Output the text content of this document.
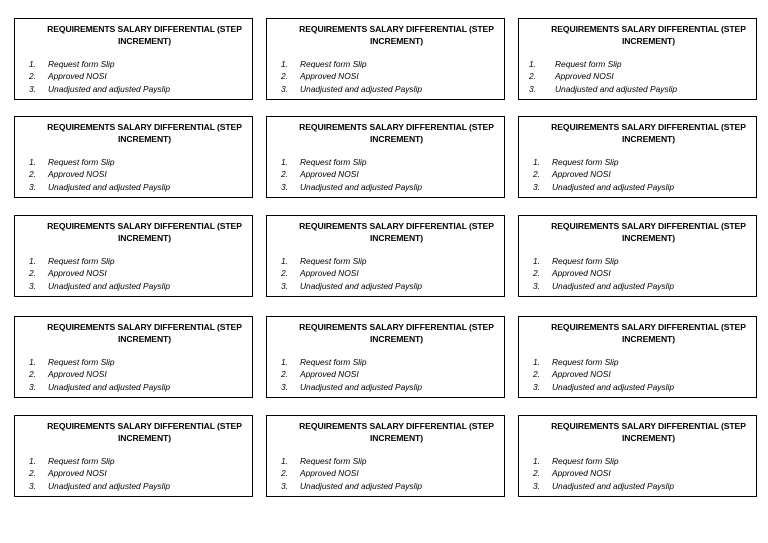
REQUIREMENTS SALARY DIFFERENTIAL (STEP INCREMENT)
1.	Request form Slip
2.	Approved NOSI
3.	Unadjusted and adjusted Payslip
REQUIREMENTS SALARY DIFFERENTIAL (STEP INCREMENT)
1.	Request form Slip
2.	Approved NOSI
3.	Unadjusted and adjusted Payslip
REQUIREMENTS SALARY DIFFERENTIAL (STEP INCREMENT)
1.	Request form Slip
2.	Approved NOSI
3.	Unadjusted and adjusted Payslip
REQUIREMENTS SALARY DIFFERENTIAL (STEP INCREMENT)
1.	Request form Slip
2.	Approved NOSI
3.	Unadjusted and adjusted Payslip
REQUIREMENTS SALARY DIFFERENTIAL (STEP INCREMENT)
1.	Request form Slip
2.	Approved NOSI
3.	Unadjusted and adjusted Payslip
REQUIREMENTS SALARY DIFFERENTIAL (STEP INCREMENT)
1.	Request form Slip
2.	Approved NOSI
3.	Unadjusted and adjusted Payslip
REQUIREMENTS SALARY DIFFERENTIAL (STEP INCREMENT)
1.	Request form Slip
2.	Approved NOSI
3.	Unadjusted and adjusted Payslip
REQUIREMENTS SALARY DIFFERENTIAL (STEP INCREMENT)
1.	Request form Slip
2.	Approved NOSI
3.	Unadjusted and adjusted Payslip
REQUIREMENTS SALARY DIFFERENTIAL (STEP INCREMENT)
1.	Request form Slip
2.	Approved NOSI
3.	Unadjusted and adjusted Payslip
REQUIREMENTS SALARY DIFFERENTIAL (STEP INCREMENT)
1.	Request form Slip
2.	Approved NOSI
3.	Unadjusted and adjusted Payslip
REQUIREMENTS SALARY DIFFERENTIAL (STEP INCREMENT)
1.	Request form Slip
2.	Approved NOSI
3.	Unadjusted and adjusted Payslip
REQUIREMENTS SALARY DIFFERENTIAL (STEP INCREMENT)
1.	Request form Slip
2.	Approved NOSI
3.	Unadjusted and adjusted Payslip
REQUIREMENTS SALARY DIFFERENTIAL (STEP INCREMENT)
1.	Request form Slip
2.	Approved NOSI
3.	Unadjusted and adjusted Payslip
REQUIREMENTS SALARY DIFFERENTIAL (STEP INCREMENT)
1.	Request form Slip
2.	Approved NOSI
3.	Unadjusted and adjusted Payslip
REQUIREMENTS SALARY DIFFERENTIAL (STEP INCREMENT)
1.	Request form Slip
2.	Approved NOSI
3.	Unadjusted and adjusted Payslip
